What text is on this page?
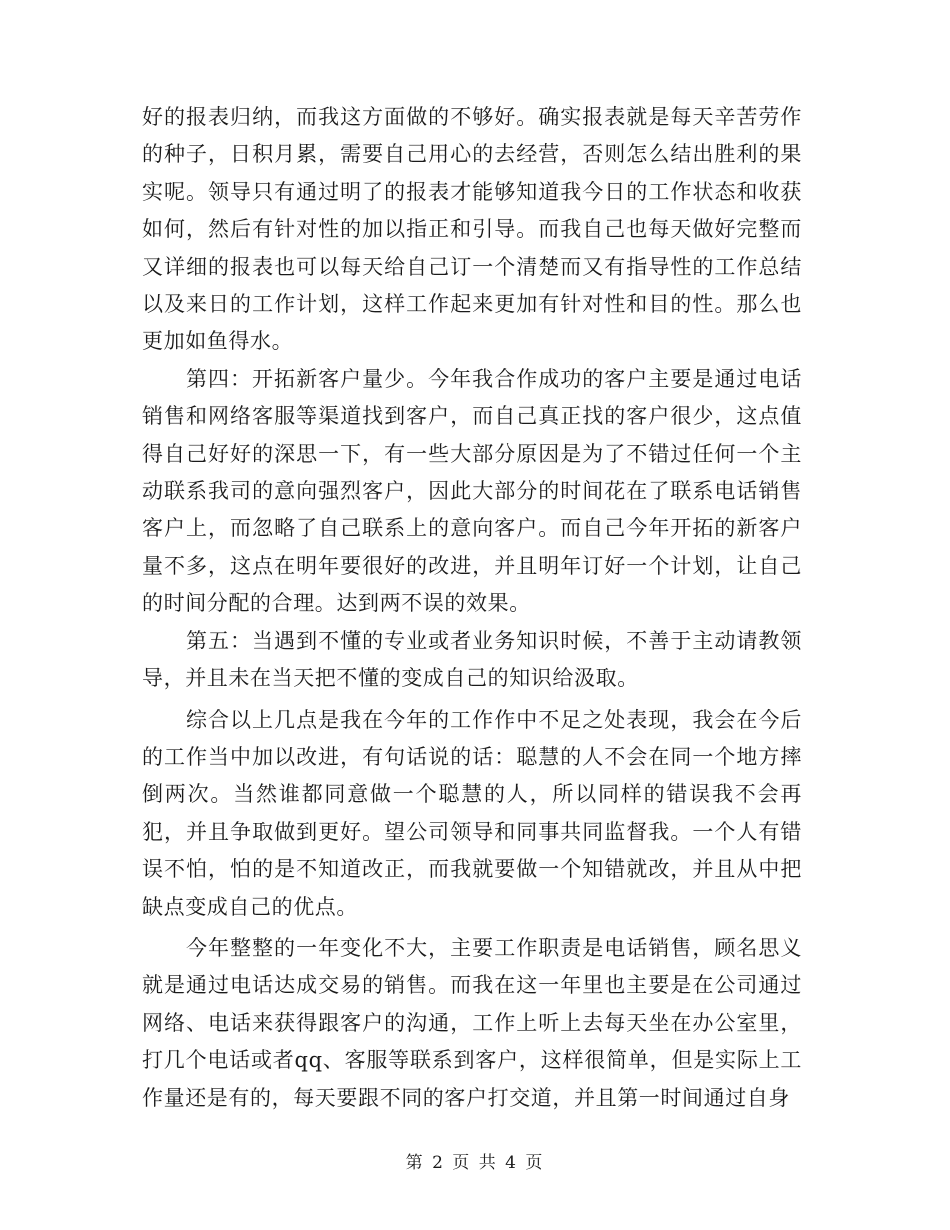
好的报表归纳，而我这方面做的不够好。确实报表就是每天辛苦劳作的种子，日积月累，需要自己用心的去经营，否则怎么结出胜利的果实呢。领导只有通过明了的报表才能够知道我今日的工作状态和收获如何，然后有针对性的加以指正和引导。而我自己也每天做好完整而又详细的报表也可以每天给自己订一个清楚而又有指导性的工作总结以及来日的工作计划，这样工作起来更加有针对性和目的性。那么也更加如鱼得水。

第四：开拓新客户量少。今年我合作成功的客户主要是通过电话销售和网络客服等渠道找到客户，而自己真正找的客户很少，这点值得自己好好的深思一下，有一些大部分原因是为了不错过任何一个主动联系我司的意向强烈客户，因此大部分的时间花在了联系电话销售客户上，而忽略了自己联系上的意向客户。而自己今年开拓的新客户量不多，这点在明年要很好的改进，并且明年订好一个计划，让自己的时间分配的合理。达到两不误的效果。

第五：当遇到不懂的专业或者业务知识时候，不善于主动请教领导，并且未在当天把不懂的变成自己的知识给汲取。

综合以上几点是我在今年的工作作中不足之处表现，我会在今后的工作当中加以改进，有句话说的话：聪慧的人不会在同一个地方摔倒两次。当然谁都同意做一个聪慧的人，所以同样的错误我不会再犯，并且争取做到更好。望公司领导和同事共同监督我。一个人有错误不怕，怕的是不知道改正，而我就要做一个知错就改，并且从中把缺点变成自己的优点。

今年整整的一年变化不大，主要工作职责是电话销售，顾名思义就是通过电话达成交易的销售。而我在这一年里也主要是在公司通过网络、电话来获得跟客户的沟通，工作上听上去每天坐在办公室里，打几个电话或者qq、客服等联系到客户，这样很简单，但是实际上工作量还是有的，每天要跟不同的客户打交道，并且第一时间通过自身

第 2 页 共 4 页
